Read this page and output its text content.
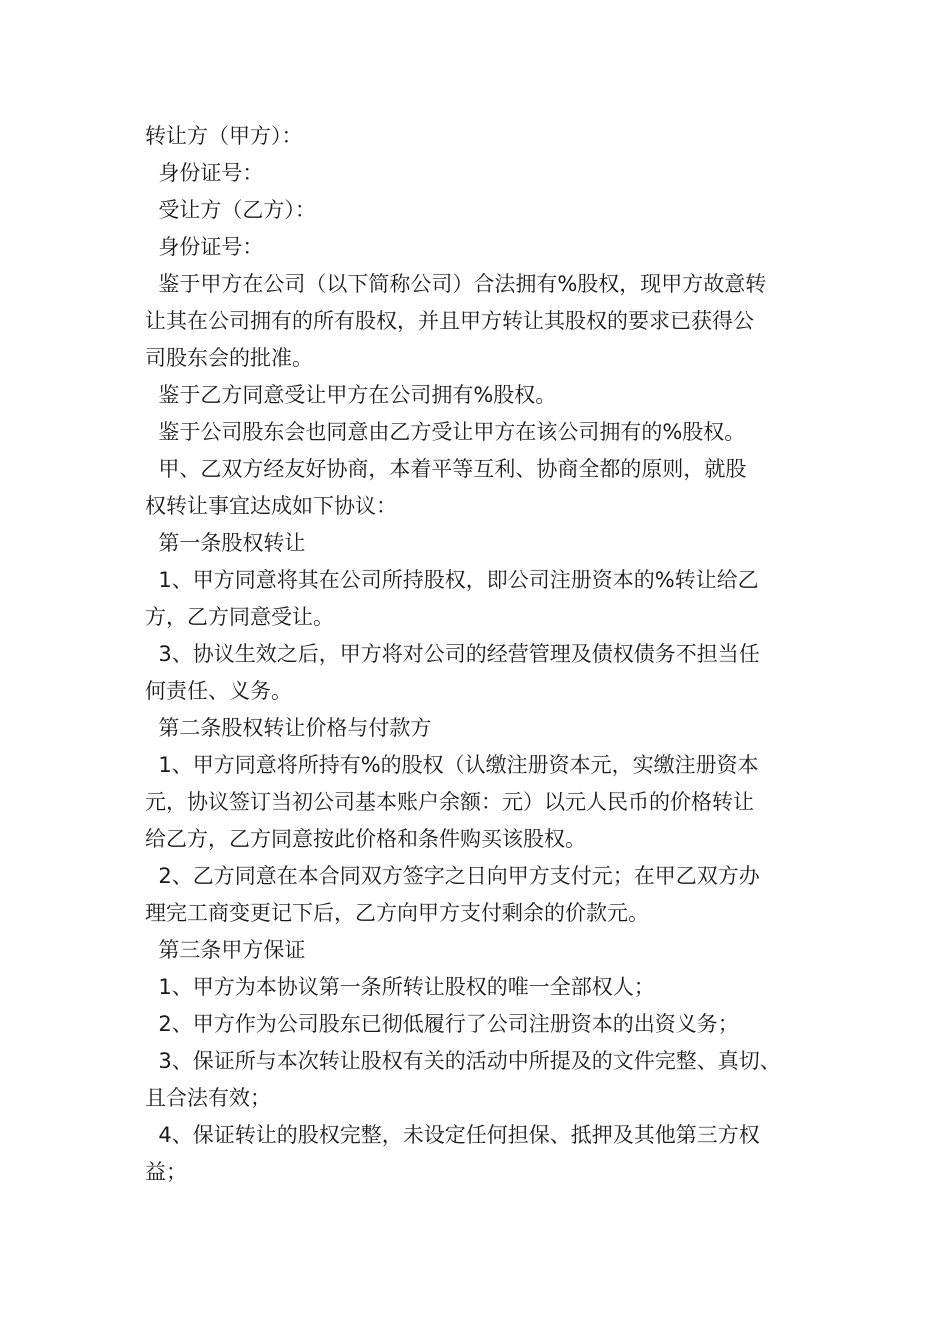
转让方（甲方）：

身份证号：

受让方（乙方）：

身份证号：

鉴于甲方在公司（以下简称公司）合法拥有%股权，现甲方故意转

让其在公司拥有的所有股权，并且甲方转让其股权的要求已获得公

司股东会的批准。

鉴于乙方同意受让甲方在公司拥有%股权。

鉴于公司股东会也同意由乙方受让甲方在该公司拥有的%股权。

甲、乙双方经友好协商，本着平等互利、协商全都的原则，就股

权转让事宜达成如下协议：

第一条股权转让

1、甲方同意将其在公司所持股权，即公司注册资本的%转让给乙

方，乙方同意受让。

3、协议生效之后，甲方将对公司的经营管理及债权债务不担当任

何责任、义务。

第二条股权转让价格与付款方

1、甲方同意将所持有%的股权（认缴注册资本元，实缴注册资本

元，协议签订当初公司基本账户余额：元）以元人民币的价格转让

给乙方，乙方同意按此价格和条件购买该股权。

2、乙方同意在本合同双方签字之日向甲方支付元；在甲乙双方办

理完工商变更记下后，乙方向甲方支付剩余的价款元。

第三条甲方保证

1、甲方为本协议第一条所转让股权的唯一全部权人；

2、甲方作为公司股东已彻低履行了公司注册资本的出资义务；

3、保证所与本次转让股权有关的活动中所提及的文件完整、真切、

且合法有效；

4、保证转让的股权完整，未设定任何担保、抵押及其他第三方权

益；
